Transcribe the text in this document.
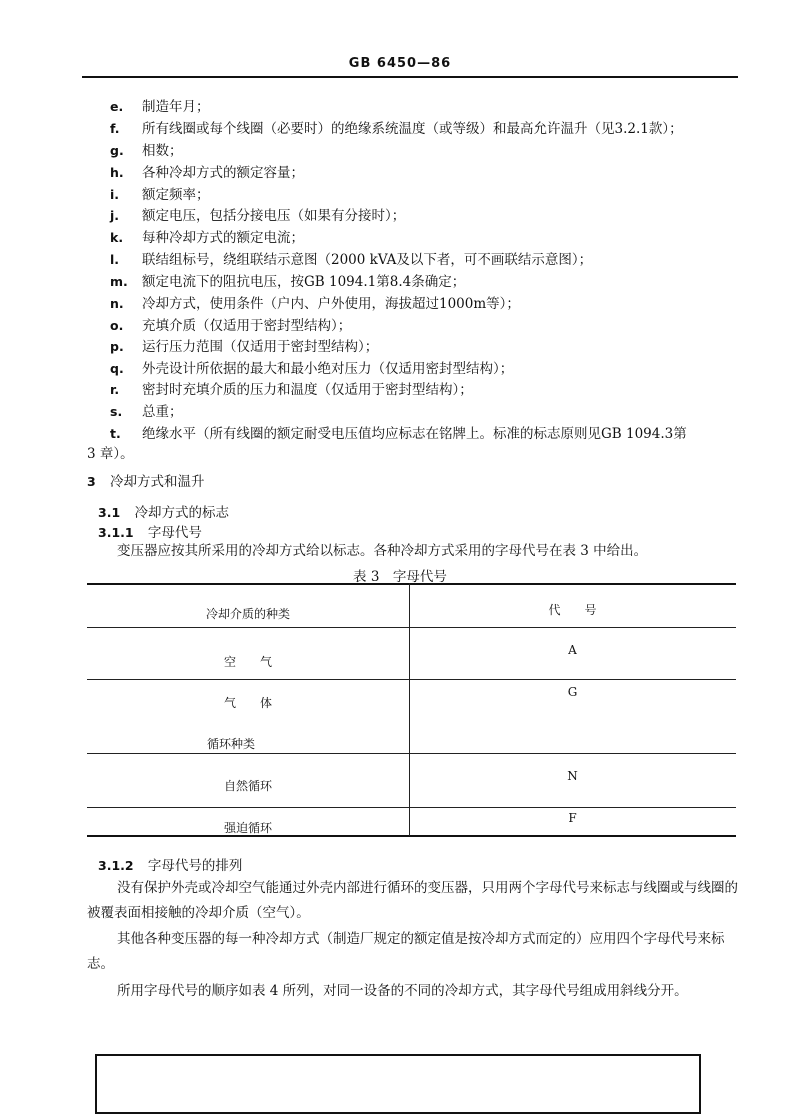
GB 6450—86
e. 制造年月；
f. 所有线圈或每个线圈（必要时）的绝缘系统温度（或等级）和最高允许温升（见3.2.1款）；
g. 相数；
h. 各种冷却方式的额定容量；
i. 额定频率；
j. 额定电压，包括分接电压（如果有分接时）；
k. 每种冷却方式的额定电流；
l. 联结组标号，绕组联结示意图（2000 kVA及以下者，可不画联结示意图）；
m. 额定电流下的阻抗电压，按GB 1094.1第8.4条确定；
n. 冷却方式，使用条件（户内、户外使用，海拔超过1000m等）；
o. 充填介质（仅适用于密封型结构）；
p. 运行压力范围（仅适用于密封型结构）；
q. 外壳设计所依据的最大和最小绝对压力（仅适用密封型结构）；
r. 密封时充填介质的压力和温度（仅适用于密封型结构）；
s. 总重；
t. 绝缘水平（所有线圈的额定耐受电压值均应标志在铭牌上。标准的标志原则见GB 1094.3第
3 章）。
3 冷却方式和温升
3.1 冷却方式的标志
3.1.1 字母代号
变压器应按其所采用的冷却方式给以标志。各种冷却方式采用的字母代号在表 3 中给出。
表 3　字母代号
冷却介质的种类	代　　号
空　　气
A
气　　体
G
循环种类
自然循环
N
强迫循环
F
3.1.2 字母代号的排列
没有保护外壳或冷却空气能通过外壳内部进行循环的变压器，只用两个字母代号来标志与线圈或与线圈的被覆表面相接触的冷却介质（空气）。
其他各种变压器的每一种冷却方式（制造厂规定的额定值是按冷却方式而定的）应用四个字母代号来标志。
所用字母代号的顺序如表 4 所列，对同一设备的不同的冷却方式，其字母代号组成用斜线分开。
